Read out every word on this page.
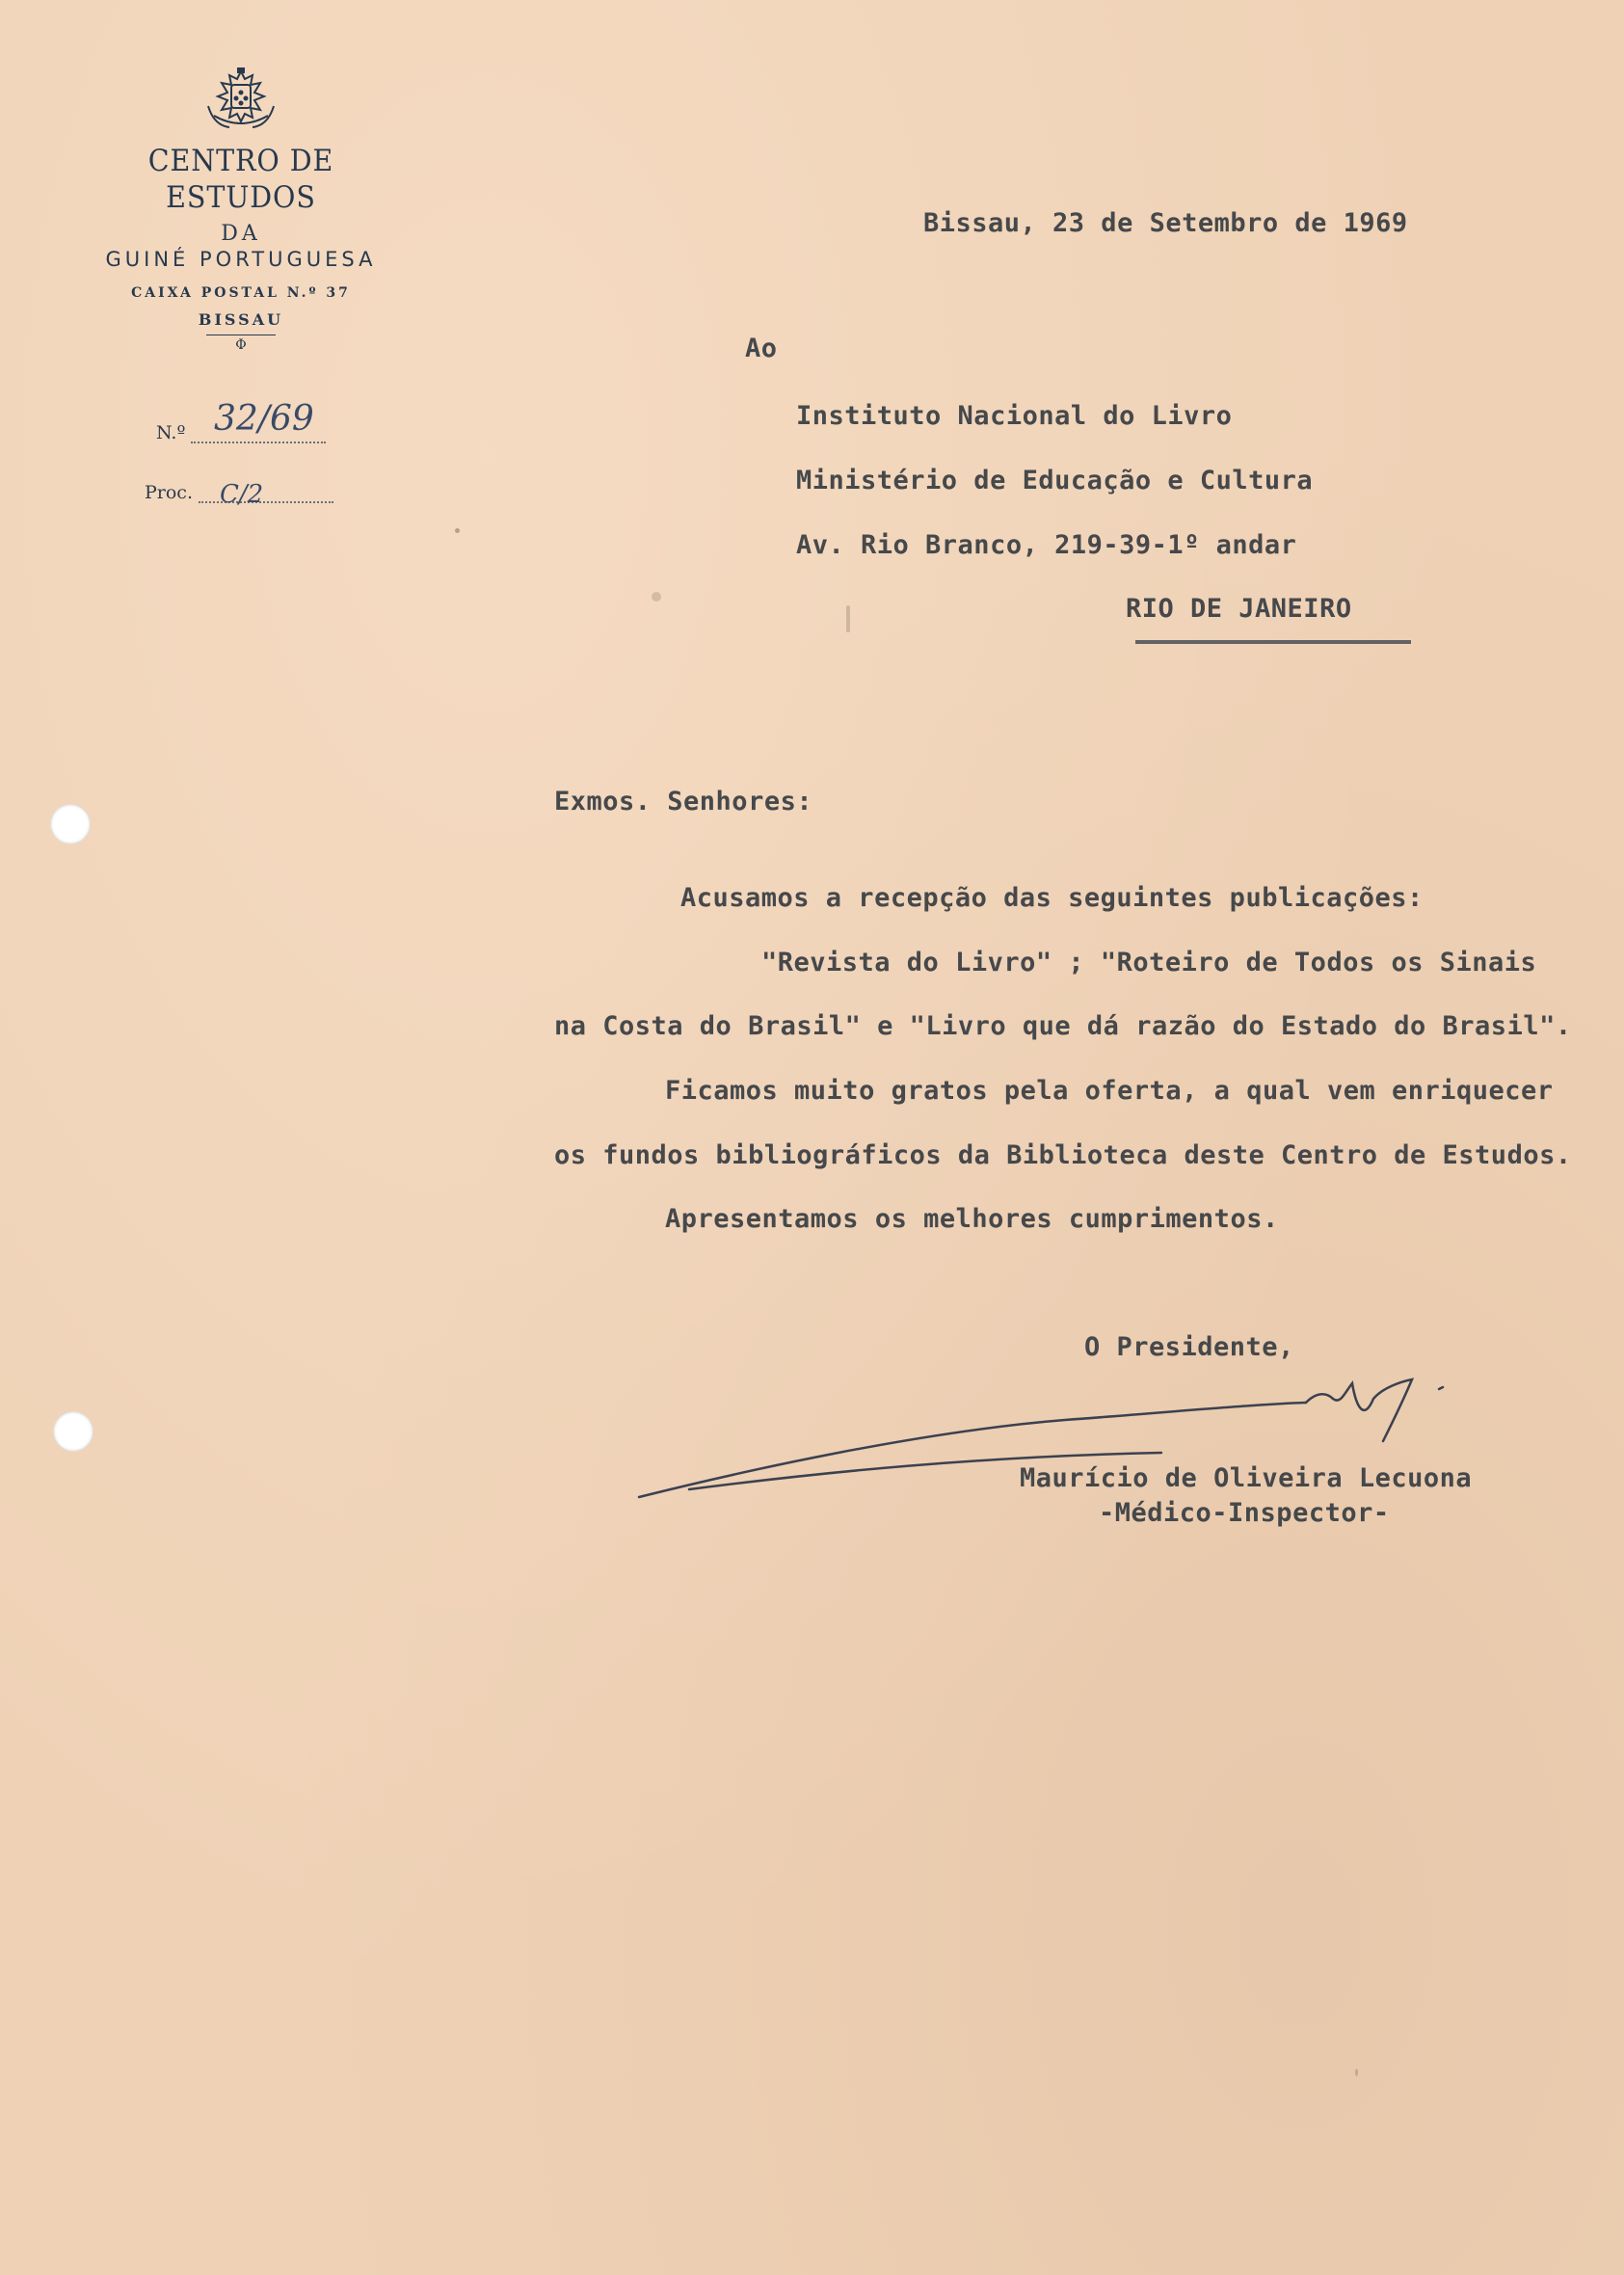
CENTRO DE ESTUDOS
DA
GUINÉ PORTUGUESA
CAIXA POSTAL N.º 37
BISSAU
Φ
N.º 32/69
Proc.	C/2
Bissau, 23 de Setembro de 1969
Ao
Instituto Nacional do Livro
Ministério de Educação e Cultura
Av. Rio Branco, 219-39-1º andar
RIO DE JANEIRO
Exmos. Senhores:
Acusamos a recepção das seguintes publicações:
"Revista do Livro" ; "Roteiro de Todos os Sinais
na Costa do Brasil" e "Livro que dá razão do Estado do Brasil".
Ficamos muito gratos pela oferta, a qual vem enriquecer
os fundos bibliográficos da Biblioteca deste Centro de Estudos.
Apresentamos os melhores cumprimentos.
O Presidente,
Maurício de Oliveira Lecuona
-Médico-Inspector-
